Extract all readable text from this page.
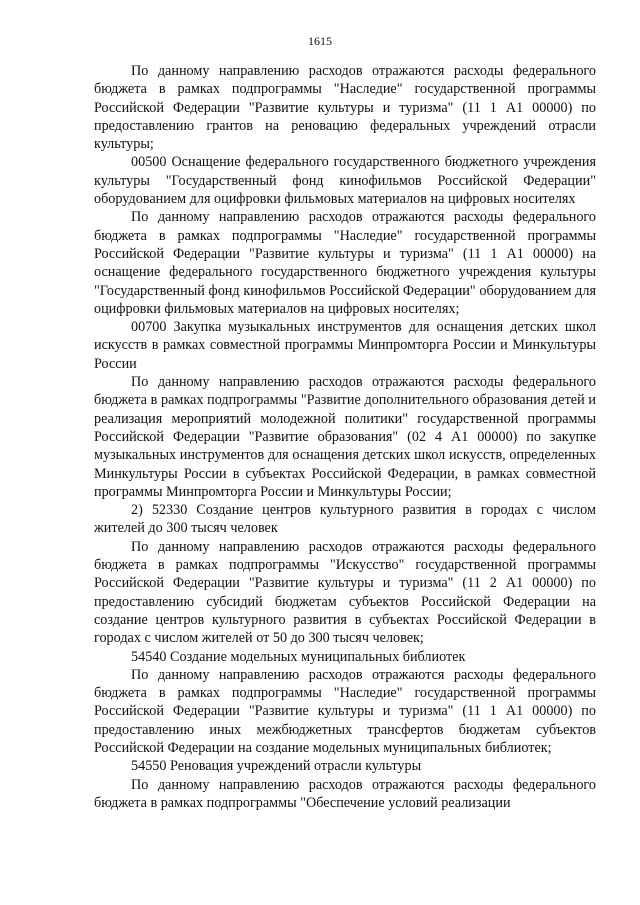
1615

По данному направлению расходов отражаются расходы федерального бюджета в рамках подпрограммы "Наследие" государственной программы Российской Федерации "Развитие культуры и туризма" (11 1 А1 00000) по предоставлению грантов на реновацию федеральных учреждений отрасли культуры;

00500 Оснащение федерального государственного бюджетного учреждения культуры "Государственный фонд кинофильмов Российской Федерации" оборудованием для оцифровки фильмовых материалов на цифровых носителях

По данному направлению расходов отражаются расходы федерального бюджета в рамках подпрограммы "Наследие" государственной программы Российской Федерации "Развитие культуры и туризма" (11 1 А1 00000) на оснащение федерального государственного бюджетного учреждения культуры "Государственный фонд кинофильмов Российской Федерации" оборудованием для оцифровки фильмовых материалов на цифровых носителях;

00700 Закупка музыкальных инструментов для оснащения детских школ искусств в рамках совместной программы Минпромторга России и Минкультуры России

По данному направлению расходов отражаются расходы федерального бюджета в рамках подпрограммы "Развитие дополнительного образования детей и реализация мероприятий молодежной политики" государственной программы Российской Федерации "Развитие образования" (02 4 А1 00000) по закупке музыкальных инструментов для оснащения детских школ искусств, определенных Минкультуры России в субъектах Российской Федерации, в рамках совместной программы Минпромторга России и Минкультуры России;

2) 52330 Создание центров культурного развития в городах с числом жителей до 300 тысяч человек

По данному направлению расходов отражаются расходы федерального бюджета в рамках подпрограммы "Искусство" государственной программы Российской Федерации "Развитие культуры и туризма" (11 2 А1 00000) по предоставлению субсидий бюджетам субъектов Российской Федерации на создание центров культурного развития в субъектах Российской Федерации в городах с числом жителей от 50 до 300 тысяч человек;

54540 Создание модельных муниципальных библиотек

По данному направлению расходов отражаются расходы федерального бюджета в рамках подпрограммы "Наследие" государственной программы Российской Федерации "Развитие культуры и туризма" (11 1 А1 00000) по предоставлению иных межбюджетных трансфертов бюджетам субъектов Российской Федерации на создание модельных муниципальных библиотек;

54550 Реновация учреждений отрасли культуры

По данному направлению расходов отражаются расходы федерального бюджета в рамках подпрограммы "Обеспечение условий реализации
